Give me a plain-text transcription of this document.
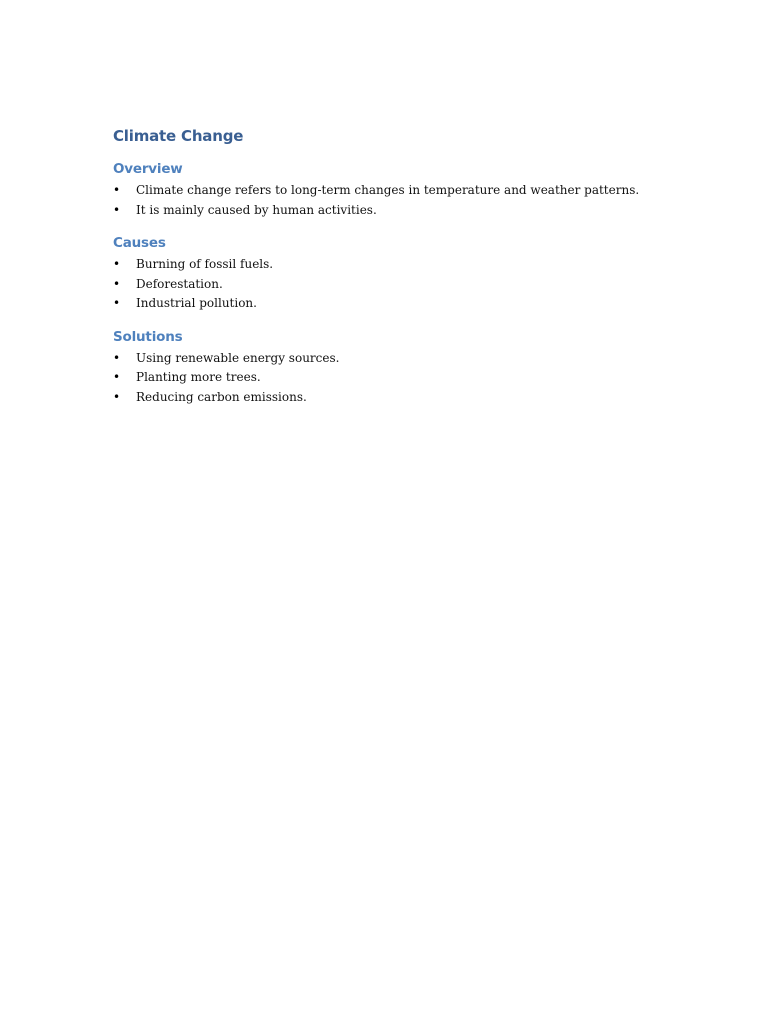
Climate Change
Overview
• Climate change refers to long-term changes in temperature and weather patterns.
• It is mainly caused by human activities.
Causes
• Burning of fossil fuels.
• Deforestation.
• Industrial pollution.
Solutions
• Using renewable energy sources.
• Planting more trees.
• Reducing carbon emissions.
